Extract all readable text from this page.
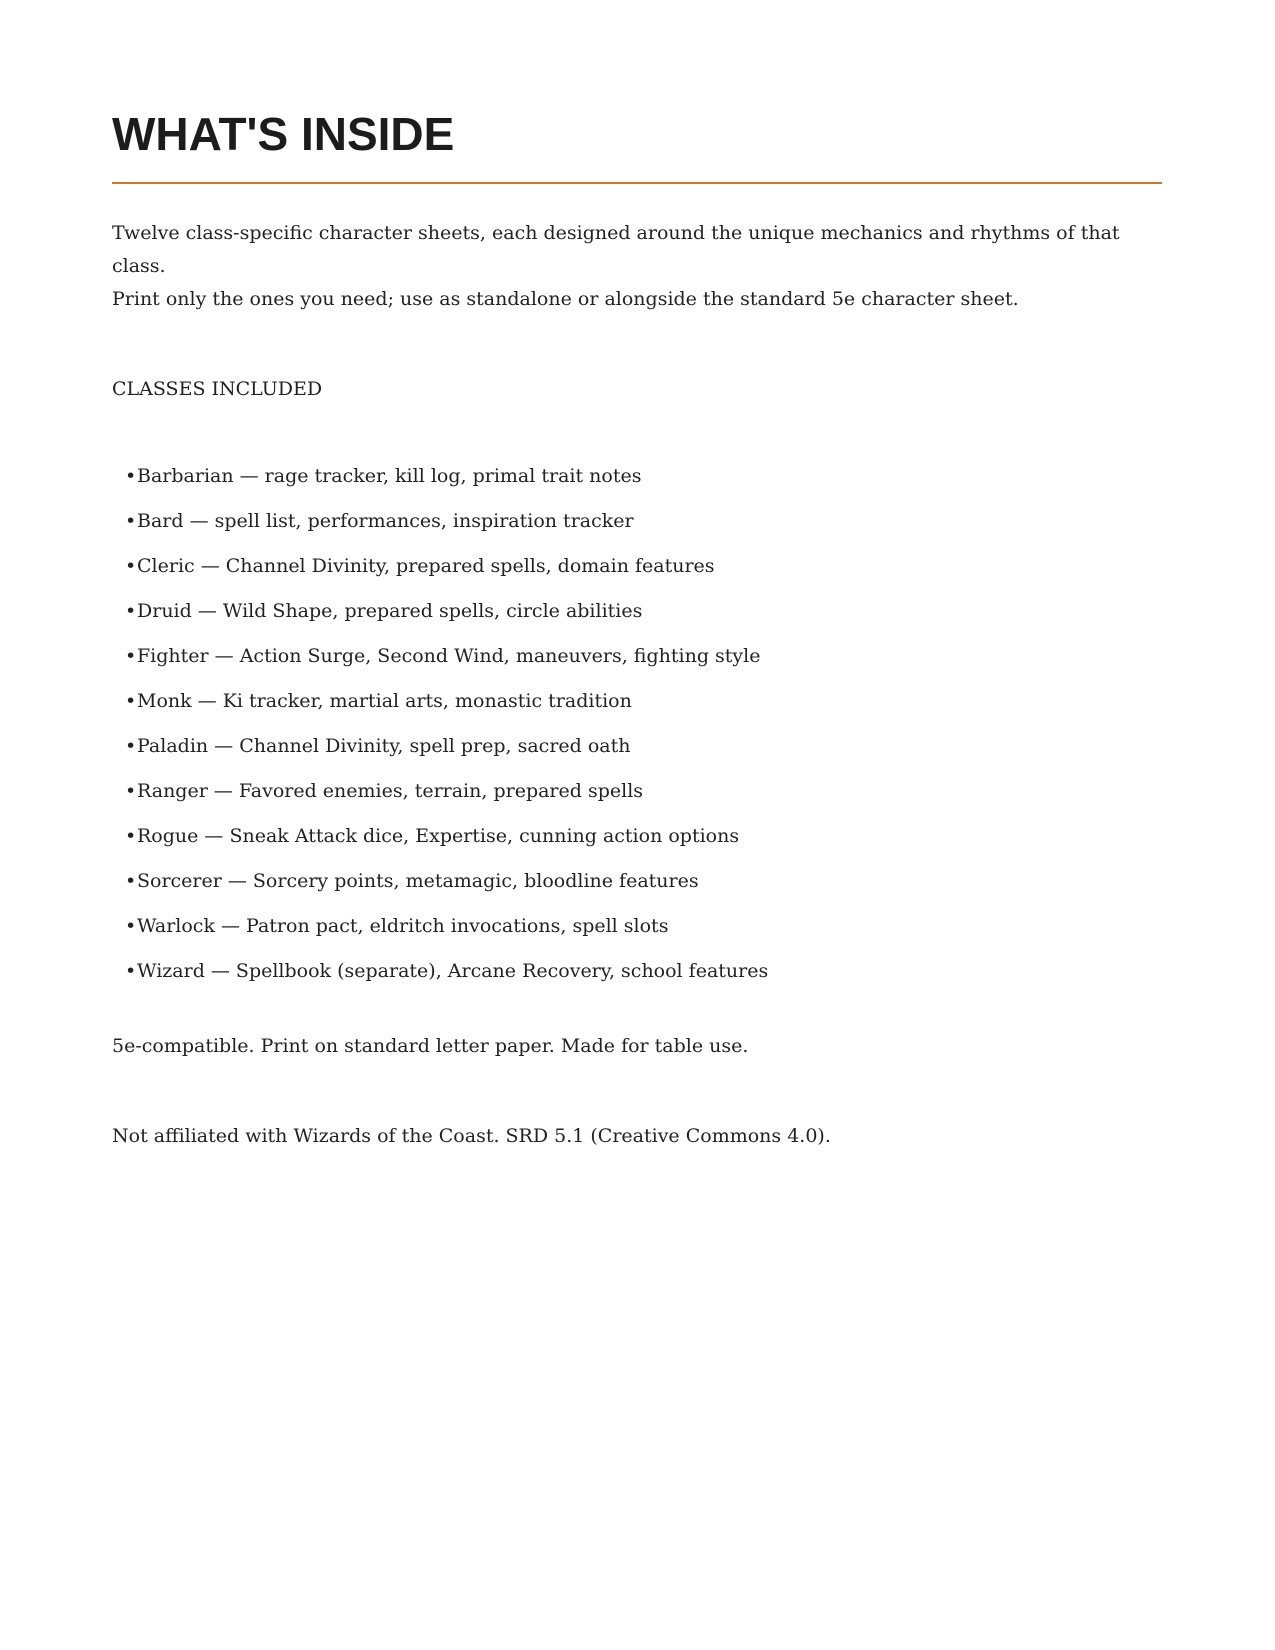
WHAT'S INSIDE

Twelve class-specific character sheets, each designed around the unique mechanics and rhythms of that class.
Print only the ones you need; use as standalone or alongside the standard 5e character sheet.

CLASSES INCLUDED

•Barbarian — rage tracker, kill log, primal trait notes
•Bard — spell list, performances, inspiration tracker
•Cleric — Channel Divinity, prepared spells, domain features
•Druid — Wild Shape, prepared spells, circle abilities
•Fighter — Action Surge, Second Wind, maneuvers, fighting style
•Monk — Ki tracker, martial arts, monastic tradition
•Paladin — Channel Divinity, spell prep, sacred oath
•Ranger — Favored enemies, terrain, prepared spells
•Rogue — Sneak Attack dice, Expertise, cunning action options
•Sorcerer — Sorcery points, metamagic, bloodline features
•Warlock — Patron pact, eldritch invocations, spell slots
•Wizard — Spellbook (separate), Arcane Recovery, school features

5e-compatible. Print on standard letter paper. Made for table use.

Not affiliated with Wizards of the Coast. SRD 5.1 (Creative Commons 4.0).
